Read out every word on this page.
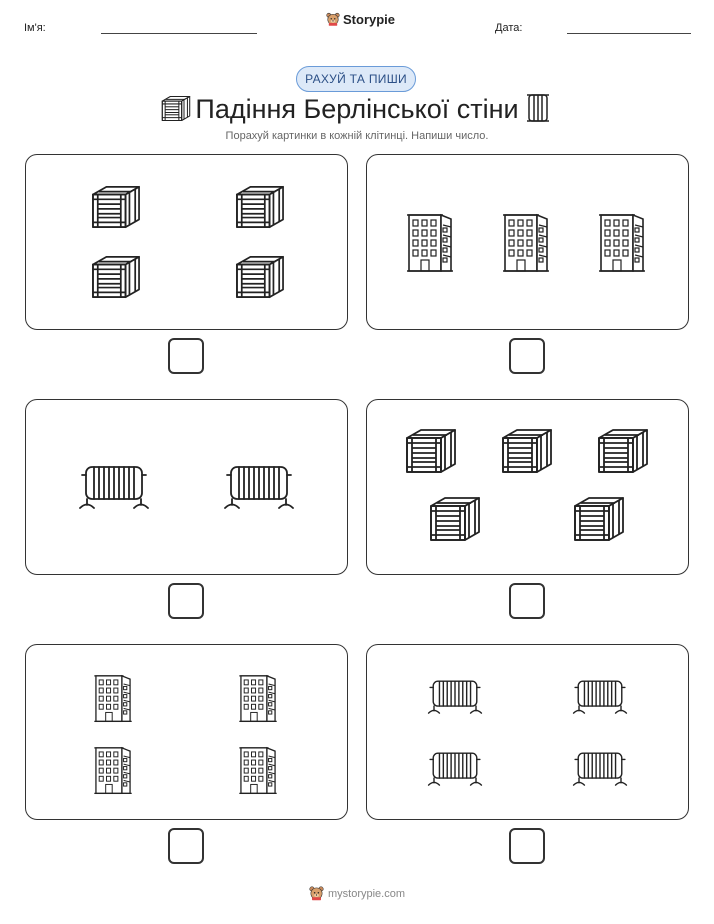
Ім'я:
Storypie
Дата:
РАХУЙ ТА ПИШИ
Падіння Берлінської стіни
Порахуй картинки в кожній клітинці. Напиши число.
mystorypie.com
